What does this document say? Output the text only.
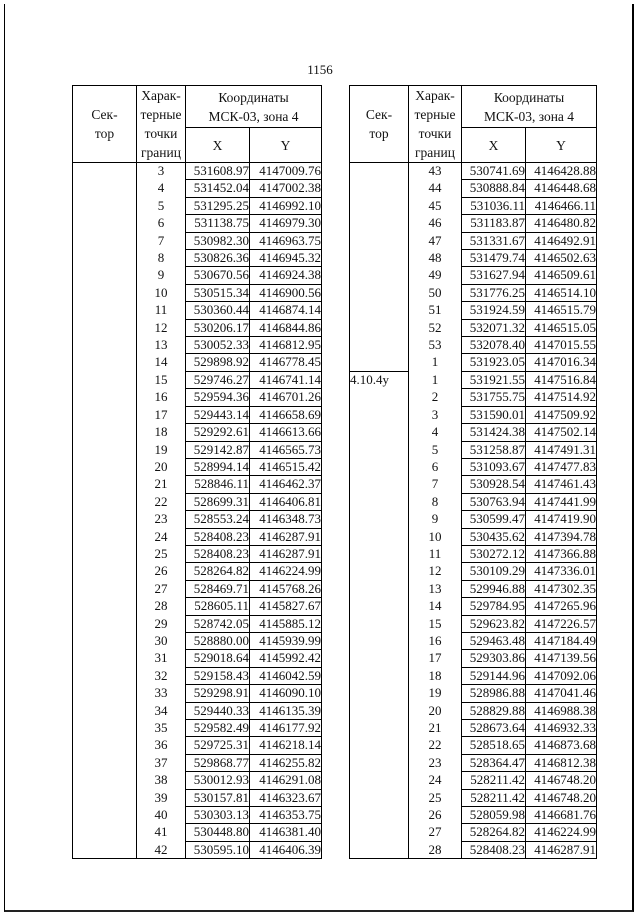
1156
Сек-
тор	Харак-
терные
точки
границ	Координаты
МСК-03, зона 4	
		X	Y
	3	531608.97	4147009.76
	4	531452.04	4147002.38
	5	531295.25	4146992.10
	6	531138.75	4146979.30
	7	530982.30	4146963.75
	8	530826.36	4146945.32
	9	530670.56	4146924.38
	10	530515.34	4146900.56
	11	530360.44	4146874.14
	12	530206.17	4146844.86
	13	530052.33	4146812.95
	14	529898.92	4146778.45
	15	529746.27	4146741.14
	16	529594.36	4146701.26
	17	529443.14	4146658.69
	18	529292.61	4146613.66
	19	529142.87	4146565.73
	20	528994.14	4146515.42
	21	528846.11	4146462.37
	22	528699.31	4146406.81
	23	528553.24	4146348.73
	24	528408.23	4146287.91
	25	528408.23	4146287.91
	26	528264.82	4146224.99
	27	528469.71	4145768.26
	28	528605.11	4145827.67
	29	528742.05	4145885.12
	30	528880.00	4145939.99
	31	529018.64	4145992.42
	32	529158.43	4146042.59
	33	529298.91	4146090.10
	34	529440.33	4146135.39
	35	529582.49	4146177.92
	36	529725.31	4146218.14
	37	529868.77	4146255.82
	38	530012.93	4146291.08
	39	530157.81	4146323.67
	40	530303.13	4146353.75
	41	530448.80	4146381.40
	42	530595.10	4146406.39
Сек-
тор	Харак-
терные
точки
границ	Координаты
МСК-03, зона 4	
		X	Y
	43	530741.69	4146428.88
	44	530888.84	4146448.68
	45	531036.11	4146466.11
	46	531183.87	4146480.82
	47	531331.67	4146492.91
	48	531479.74	4146502.63
	49	531627.94	4146509.61
	50	531776.25	4146514.10
	51	531924.59	4146515.79
	52	532071.32	4146515.05
	53	532078.40	4147015.55
	1	531923.05	4147016.34
4.10.4у	1	531921.55	4147516.84
	2	531755.75	4147514.92
	3	531590.01	4147509.92
	4	531424.38	4147502.14
	5	531258.87	4147491.31
	6	531093.67	4147477.83
	7	530928.54	4147461.43
	8	530763.94	4147441.99
	9	530599.47	4147419.90
	10	530435.62	4147394.78
	11	530272.12	4147366.88
	12	530109.29	4147336.01
	13	529946.88	4147302.35
	14	529784.95	4147265.96
	15	529623.82	4147226.57
	16	529463.48	4147184.49
	17	529303.86	4147139.56
	18	529144.96	4147092.06
	19	528986.88	4147041.46
	20	528829.88	4146988.38
	21	528673.64	4146932.33
	22	528518.65	4146873.68
	23	528364.47	4146812.38
	24	528211.42	4146748.20
	25	528211.42	4146748.20
	26	528059.98	4146681.76
	27	528264.82	4146224.99
	28	528408.23	4146287.91
